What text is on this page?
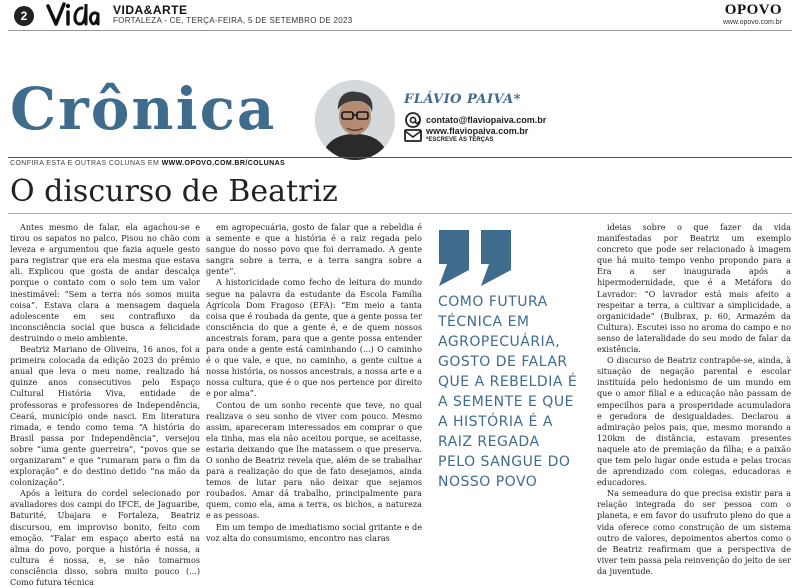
2	VIDA&ARTE
FORTALEZA - CE, TERÇA-FEIRA, 5 DE SETEMBRO DE 2023
OPOVO
www.opovo.com.br
Crônica	FLÁVIO PAIVA*
contato@flaviopaiva.com.br
www.flaviopaiva.com.br
*ESCREVE ÀS TERÇAS
CONFIRA ESTA E OUTRAS COLUNAS EM WWW.OPOVO.COM.BR/COLUNAS
O discurso de Beatriz

Antes mesmo de falar, ela agachou-se e tirou os sapatos no palco. Pisou no chão com leveza e argumentou que fazia aquele gesto para registrar que era ela mesma que estava ali. Explicou que gosta de andar descalça porque o contato com o solo tem um valor inestimável: “Sem a terra nós somos muita coisa”. Estava clara a mensagem daquela adolescente em seu contrafluxo da inconsciência social que busca a felicidade destruindo o meio ambiente.

Beatriz Mariano de Oliveira, 16 anos, foi a primeira colocada da edição 2023 do prêmio anual que leva o meu nome, realizado há quinze anos consecutivos pelo Espaço Cultural História Viva, entidade de professoras e professores de Independência, Ceará, município onde nasci. Em literatura rimada, e tendo como tema “A história do Brasil passa por Independência”, versejou sobre “uma gente guerreira”, “povos que se organizaram” e que “rumaram para o fim da exploração” e do destino detido “na mão da colonização”.

Após a leitura do cordel selecionado por avaliadores dos campi do IFCE, de Jaguaribe, Baturité, Ubajara e Fortaleza, Beatriz discursou, em improviso bonito, feito com emoção. “Falar em espaço aberto está na alma do povo, porque a história é nossa, a cultura é nossa, e, se não tomarmos consciência disso, sobra muito pouco (...) Como futura técnica

em agropecuária, gosto de falar que a rebeldia é a semente e que a história é a raiz regada pelo sangue do nosso povo que foi derramado. A gente sangra sobre a terra, e a terra sangra sobre a gente”.

A historicidade como fecho de leitura do mundo segue na palavra da estudante da Escola Família Agrícola Dom Fragoso (EFA): “Em meio a tanta coisa que é roubada da gente, que a gente possa ter consciência do que a gente é, e de quem nossos ancestrais foram, para que a gente possa entender para onde a gente está caminhando (...) O caminho é o que vale, e que, no caminho, a gente cultue a nossa história, os nossos ancestrais, a nossa arte e a nossa cultura, que é o que nos pertence por direito e por alma”.

Contou de um sonho recente que teve, no qual realizava o seu sonho de viver com pouco. Mesmo assim, apareceram interessados em comprar o que ela tinha, mas ela não aceitou porque, se aceitasse, estaria deixando que lhe matassem o que preserva. O sonho de Beatriz revela que, além de se trabalhar para a realização do que de fato desejamos, ainda temos de lutar para não deixar que sejamos roubados. Amar dá trabalho, principalmente para quem, como ela, ama a terra, os bichos, a natureza e as pessoas.

Em um tempo de imediatismo social gritante e de voz alta do consumismo, encontro nas claras

COMO FUTURA TÉCNICA EM AGROPECUÁRIA, GOSTO DE FALAR QUE A REBELDIA É A SEMENTE E QUE A HISTÓRIA É A RAIZ REGADA PELO SANGUE DO NOSSO POVO

ideias sobre o que fazer da vida manifestadas por Beatriz um exemplo concreto que pode ser relacionado à imagem que há muito tempo venho propondo para a Era a ser inaugurada após a hipermodernidade, que é a Metáfora do Lavrador: “O lavrador está mais afeito a respeitar a terra, a cultivar a simplicidade, a organicidade” (Bulbrax, p. 60, Armazém da Cultura). Escutei isso no aroma do campo e no senso de lateralidade do seu modo de falar da existência.

O discurso de Beatriz contrapõe-se, ainda, à situação de negação parental e escolar instituída pelo hedonismo de um mundo em que o amor filial e a educação não passam de empecilhos para a prosperidade acumuladora e geradora de desigualdades. Declarou a admiração pelos pais, que, mesmo morando a 120km de distância, estavam presentes naquele ato de premiação da filha; e a paixão que tem pelo lugar onde estuda e pelas trocas de aprendizado com colegas, educadoras e educadores.

Na semeadura do que precisa existir para a relação integrada do ser pessoa com o planeta, e em favor do usufruto pleno do que a vida oferece como construção de um sistema outro de valores, depoimentos abertos como o de Beatriz reafirmam que a perspectiva de viver tem passa pela reinvenção do jeito de ser da juventude.
